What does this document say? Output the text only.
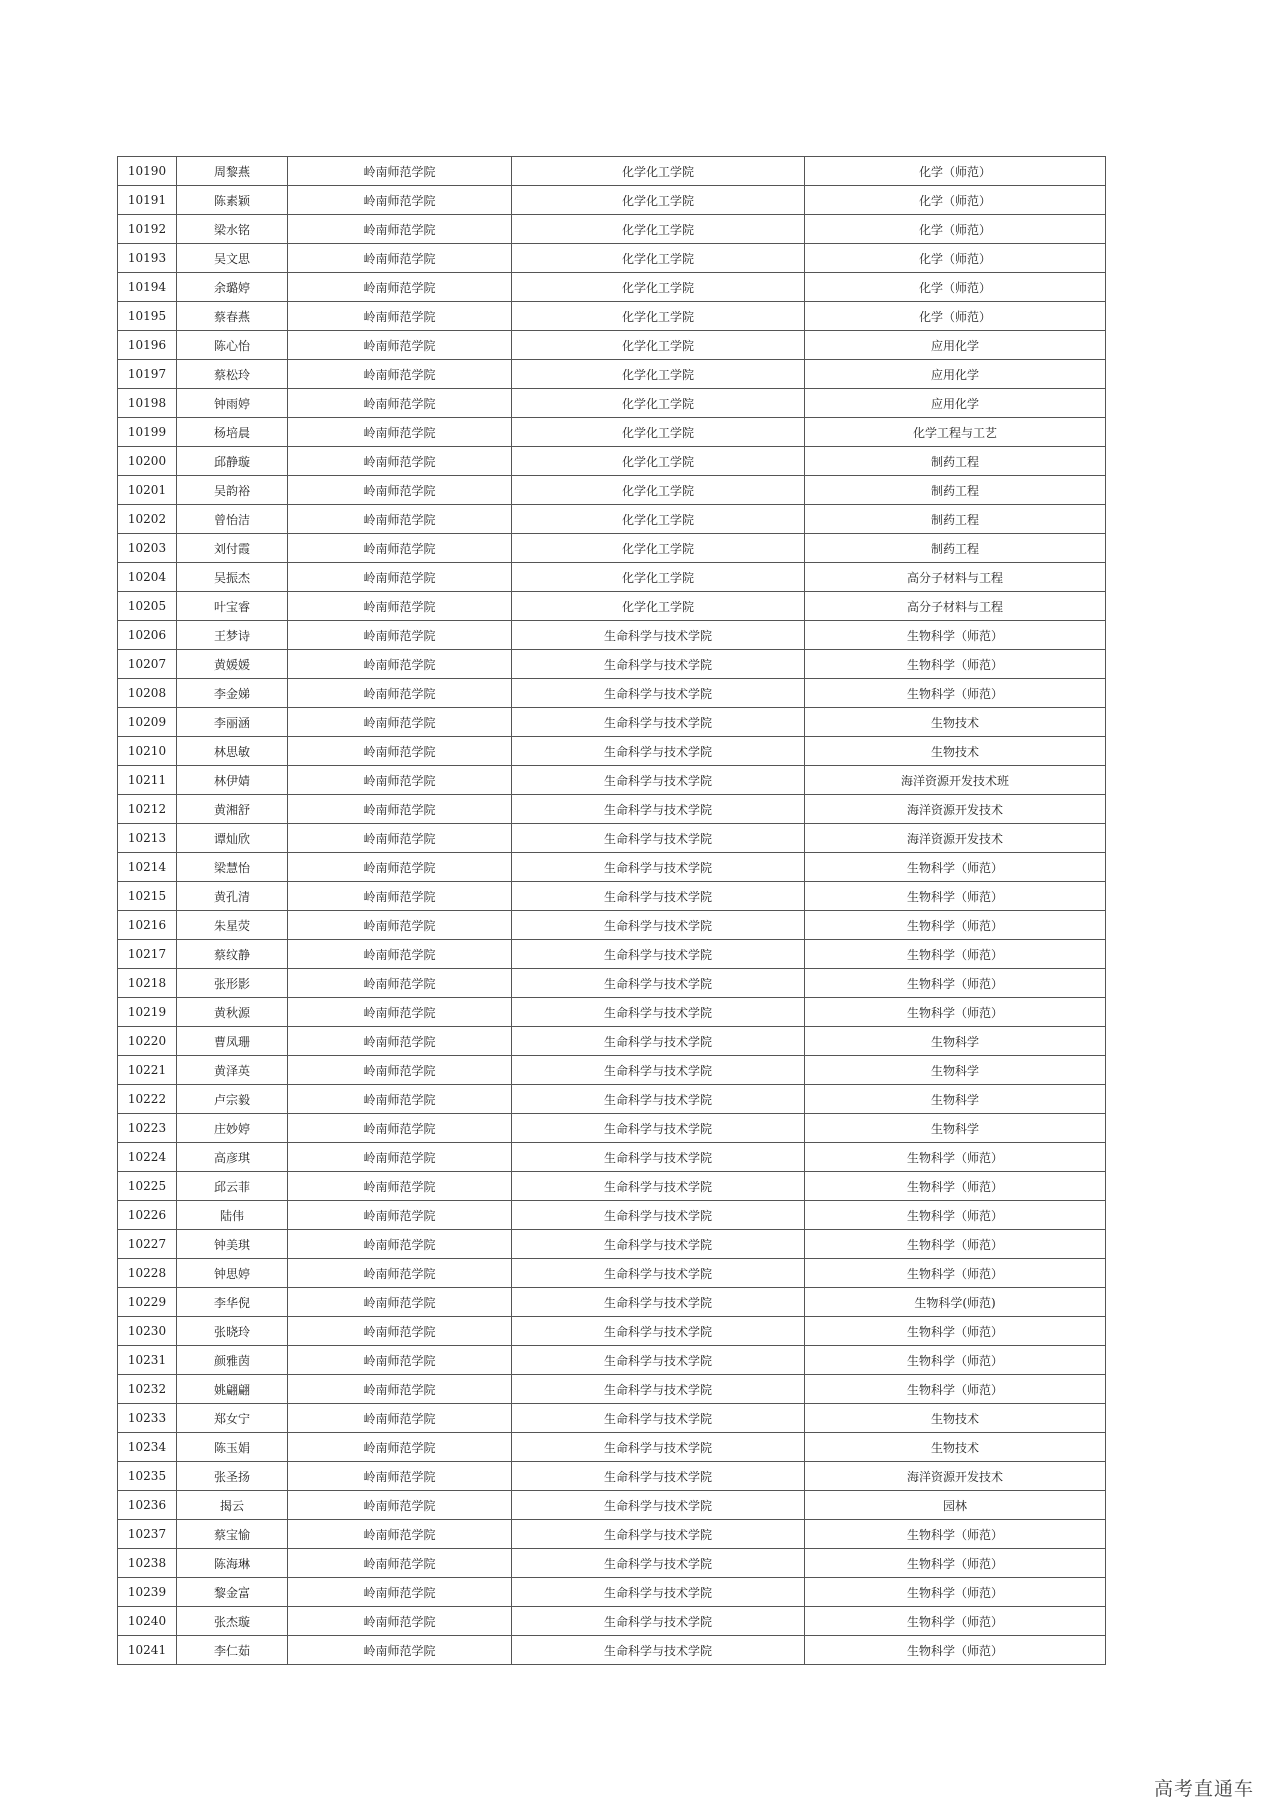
10190	周黎燕	岭南师范学院	化学化工学院	化学（师范）
10191	陈素颖	岭南师范学院	化学化工学院	化学（师范）
10192	梁水铭	岭南师范学院	化学化工学院	化学（师范）
10193	吴文思	岭南师范学院	化学化工学院	化学（师范）
10194	余璐婷	岭南师范学院	化学化工学院	化学（师范）
10195	蔡春燕	岭南师范学院	化学化工学院	化学（师范）
10196	陈心怡	岭南师范学院	化学化工学院	应用化学
10197	蔡松玲	岭南师范学院	化学化工学院	应用化学
10198	钟雨婷	岭南师范学院	化学化工学院	应用化学
10199	杨培晨	岭南师范学院	化学化工学院	化学工程与工艺
10200	邱静璇	岭南师范学院	化学化工学院	制药工程
10201	吴韵裕	岭南师范学院	化学化工学院	制药工程
10202	曾怡洁	岭南师范学院	化学化工学院	制药工程
10203	刘付霞	岭南师范学院	化学化工学院	制药工程
10204	吴振杰	岭南师范学院	化学化工学院	高分子材料与工程
10205	叶宝睿	岭南师范学院	化学化工学院	高分子材料与工程
10206	王梦诗	岭南师范学院	生命科学与技术学院	生物科学（师范）
10207	黄媛媛	岭南师范学院	生命科学与技术学院	生物科学（师范）
10208	李金娣	岭南师范学院	生命科学与技术学院	生物科学（师范）
10209	李丽涵	岭南师范学院	生命科学与技术学院	生物技术
10210	林思敏	岭南师范学院	生命科学与技术学院	生物技术
10211	林伊婧	岭南师范学院	生命科学与技术学院	海洋资源开发技术班
10212	黄湘舒	岭南师范学院	生命科学与技术学院	海洋资源开发技术
10213	谭灿欣	岭南师范学院	生命科学与技术学院	海洋资源开发技术
10214	梁慧怡	岭南师范学院	生命科学与技术学院	生物科学（师范）
10215	黄孔清	岭南师范学院	生命科学与技术学院	生物科学（师范）
10216	朱星荧	岭南师范学院	生命科学与技术学院	生物科学（师范）
10217	蔡纹静	岭南师范学院	生命科学与技术学院	生物科学（师范）
10218	张形影	岭南师范学院	生命科学与技术学院	生物科学（师范）
10219	黄秋源	岭南师范学院	生命科学与技术学院	生物科学（师范）
10220	曹凤珊	岭南师范学院	生命科学与技术学院	生物科学
10221	黄泽英	岭南师范学院	生命科学与技术学院	生物科学
10222	卢宗毅	岭南师范学院	生命科学与技术学院	生物科学
10223	庄妙婷	岭南师范学院	生命科学与技术学院	生物科学
10224	高彦琪	岭南师范学院	生命科学与技术学院	生物科学（师范）
10225	邱云菲	岭南师范学院	生命科学与技术学院	生物科学（师范）
10226	陆伟	岭南师范学院	生命科学与技术学院	生物科学（师范）
10227	钟美琪	岭南师范学院	生命科学与技术学院	生物科学（师范）
10228	钟思婷	岭南师范学院	生命科学与技术学院	生物科学（师范）
10229	李华倪	岭南师范学院	生命科学与技术学院	生物科学(师范)
10230	张晓玲	岭南师范学院	生命科学与技术学院	生物科学（师范）
10231	颜雅茵	岭南师范学院	生命科学与技术学院	生物科学（师范）
10232	姚翩翩	岭南师范学院	生命科学与技术学院	生物科学（师范）
10233	郑女宁	岭南师范学院	生命科学与技术学院	生物技术
10234	陈玉娟	岭南师范学院	生命科学与技术学院	生物技术
10235	张圣扬	岭南师范学院	生命科学与技术学院	海洋资源开发技术
10236	揭云	岭南师范学院	生命科学与技术学院	园林
10237	蔡宝愉	岭南师范学院	生命科学与技术学院	生物科学（师范）
10238	陈海琳	岭南师范学院	生命科学与技术学院	生物科学（师范）
10239	黎金富	岭南师范学院	生命科学与技术学院	生物科学（师范）
10240	张杰璇	岭南师范学院	生命科学与技术学院	生物科学（师范）
10241	李仁茹	岭南师范学院	生命科学与技术学院	生物科学（师范）
高考直通车
